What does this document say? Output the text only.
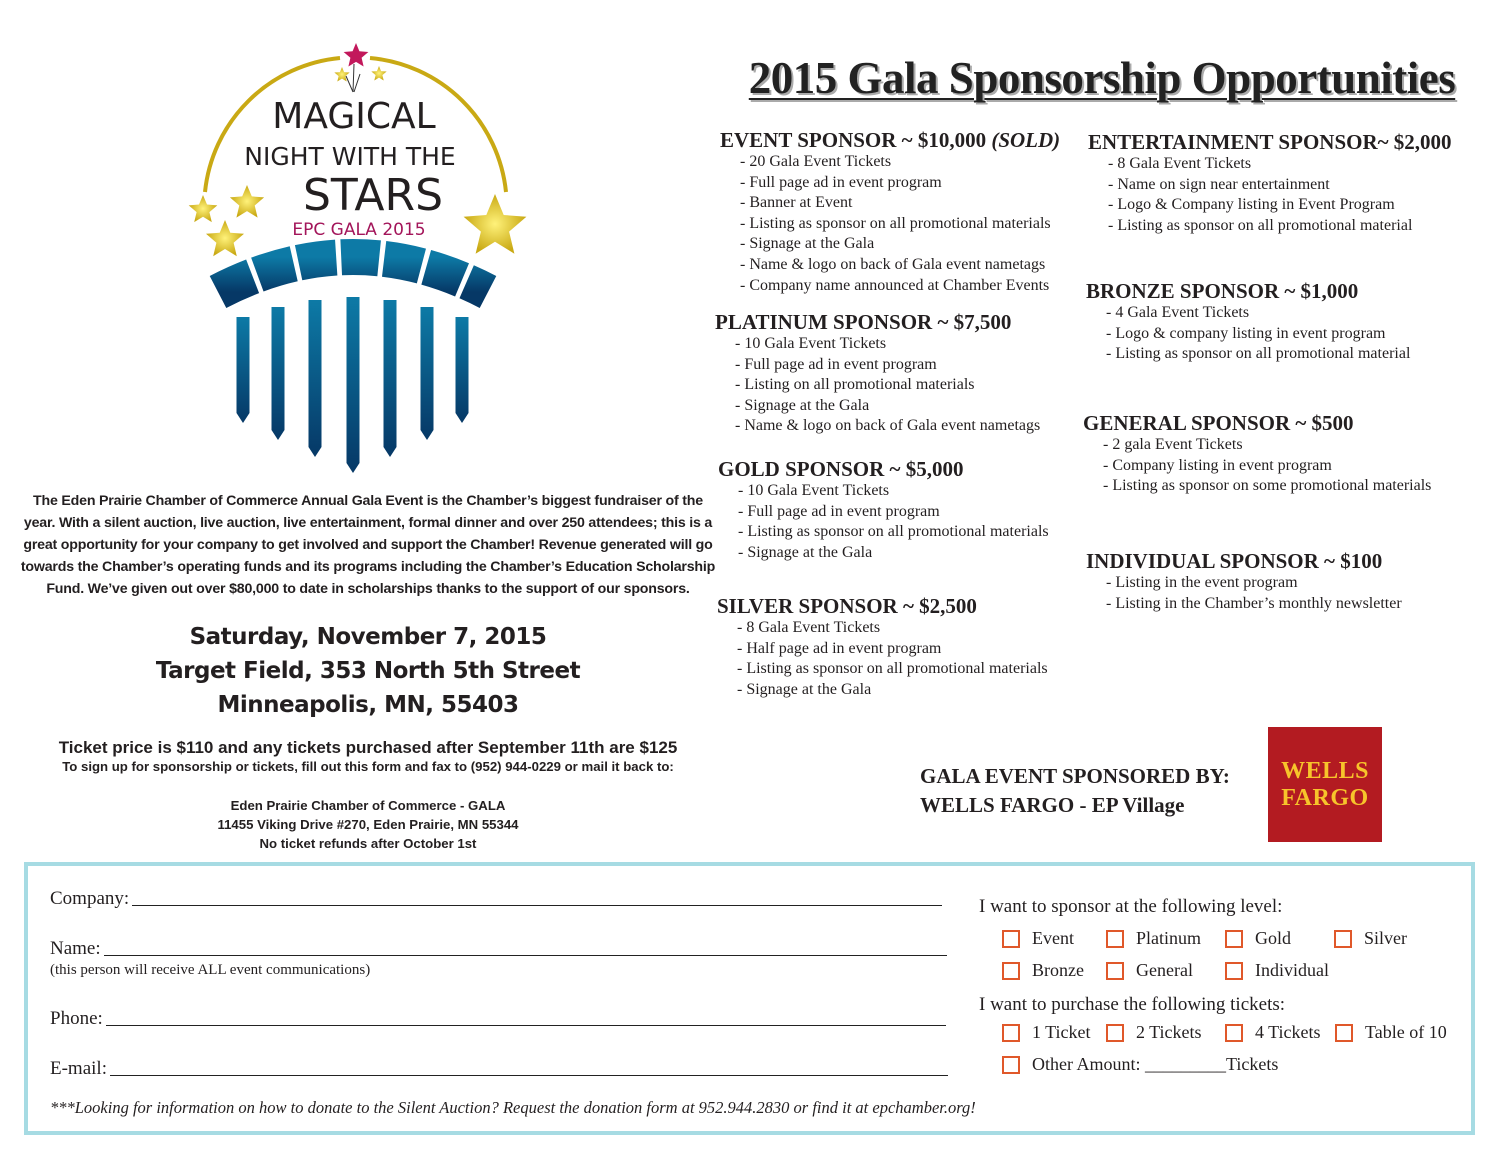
MAGICAL
NIGHT WITH THE
STARS
EPC GALA 2015
The Eden Prairie Chamber of Commerce Annual Gala Event is the Chamber’s biggest fundraiser of the year. With a silent auction, live auction, live entertainment, formal dinner and over 250 attendees; this is a great opportunity for your company to get involved and support the Chamber! Revenue generated will go towards the Chamber’s operating funds and its programs including the Chamber’s Education Scholarship Fund. We’ve given out over $80,000 to date in scholarships thanks to the support of our sponsors.
Saturday, November 7, 2015
Target Field, 353 North 5th Street
Minneapolis, MN, 55403
Ticket price is $110 and any tickets purchased after September 11th are $125
To sign up for sponsorship or tickets, fill out this form and fax to (952) 944-0229 or mail it back to:
Eden Prairie Chamber of Commerce - GALA
11455 Viking Drive #270, Eden Prairie, MN 55344
No ticket refunds after October 1st
2015 Gala Sponsorship Opportunities
EVENT SPONSOR ~ $10,000 (SOLD)
- 20 Gala Event Tickets
- Full page ad in event program
- Banner at Event
- Listing as sponsor on all promotional materials
- Signage at the Gala
- Name & logo on back of Gala event nametags
- Company name announced at Chamber Events
PLATINUM SPONSOR ~ $7,500
- 10 Gala Event Tickets
- Full page ad in event program
- Listing on all promotional materials
- Signage at the Gala
- Name & logo on back of Gala event nametags
GOLD SPONSOR ~ $5,000
- 10 Gala Event Tickets
- Full page ad in event program
- Listing as sponsor on all promotional materials
- Signage at the Gala
SILVER SPONSOR ~ $2,500
- 8 Gala Event Tickets
- Half page ad in event program
- Listing as sponsor on all promotional materials
- Signage at the Gala
ENTERTAINMENT SPONSOR~ $2,000
- 8 Gala Event Tickets
- Name on sign near entertainment
- Logo & Company listing in Event Program
- Listing as sponsor on all promotional material
BRONZE SPONSOR ~ $1,000
- 4 Gala Event Tickets
- Logo & company listing in event program
- Listing as sponsor on all promotional material
GENERAL SPONSOR ~ $500
- 2 gala Event Tickets
- Company listing in event program
- Listing as sponsor on some promotional materials
INDIVIDUAL SPONSOR ~ $100
- Listing in the event program
- Listing in the Chamber’s monthly newsletter
GALA EVENT SPONSORED BY:
WELLS FARGO - EP Village
WELLS
FARGO
Company:
Name:
(this person will receive ALL event communications)
Phone:
E-mail:
I want to sponsor at the following level:
Event	Platinum	Gold	Silver
Bronze	General	Individual
I want to purchase the following tickets:
1 Ticket	2 Tickets	4 Tickets Table of 10
Other Amount: _________Tickets
***Looking for information on how to donate to the Silent Auction? Request the donation form at 952.944.2830 or find it at epchamber.org!
